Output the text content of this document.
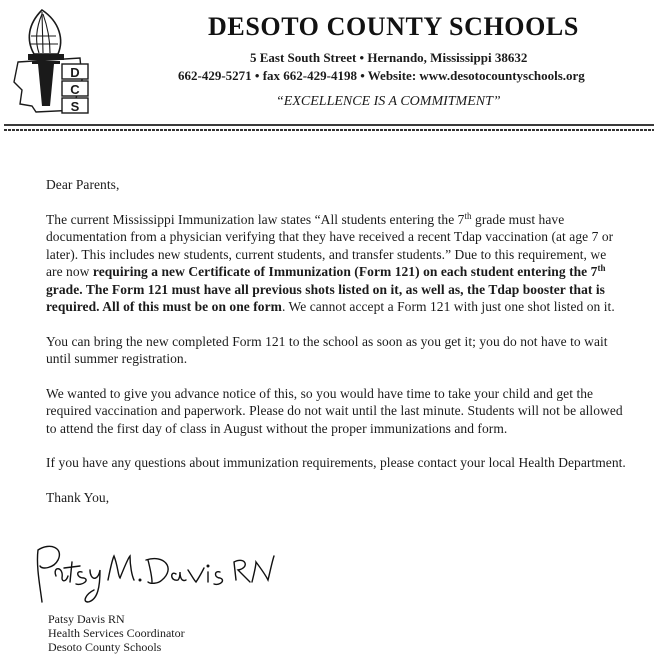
D
C
S
DESOTO COUNTY SCHOOLS
5 East South Street • Hernando, Mississippi 38632
662-429-5271 • fax 662-429-4198 • Website: www.desotocountyschools.org
“EXCELLENCE IS A COMMITMENT”

Dear Parents,

The current Mississippi Immunization law states “All students entering the 7th grade must have documentation from a physician verifying that they have received a recent Tdap vaccination (at age 7 or later). This includes new students, current students, and transfer students.” Due to this requirement, we are now requiring a new Certificate of Immunization (Form 121) on each student entering the 7th grade. The Form 121 must have all previous shots listed on it, as well as, the Tdap booster that is required. All of this must be on one form. We cannot accept a Form 121 with just one shot listed on it.

You can bring the new completed Form 121 to the school as soon as you get it; you do not have to wait until summer registration.

We wanted to give you advance notice of this, so you would have time to take your child and get the required vaccination and paperwork. Please do not wait until the last minute. Students will not be allowed to attend the first day of class in August without the proper immunizations and form.

If you have any questions about immunization requirements, please contact your local Health Department.

Thank You,

Patsy Davis RN
Health Services Coordinator
Desoto County Schools
